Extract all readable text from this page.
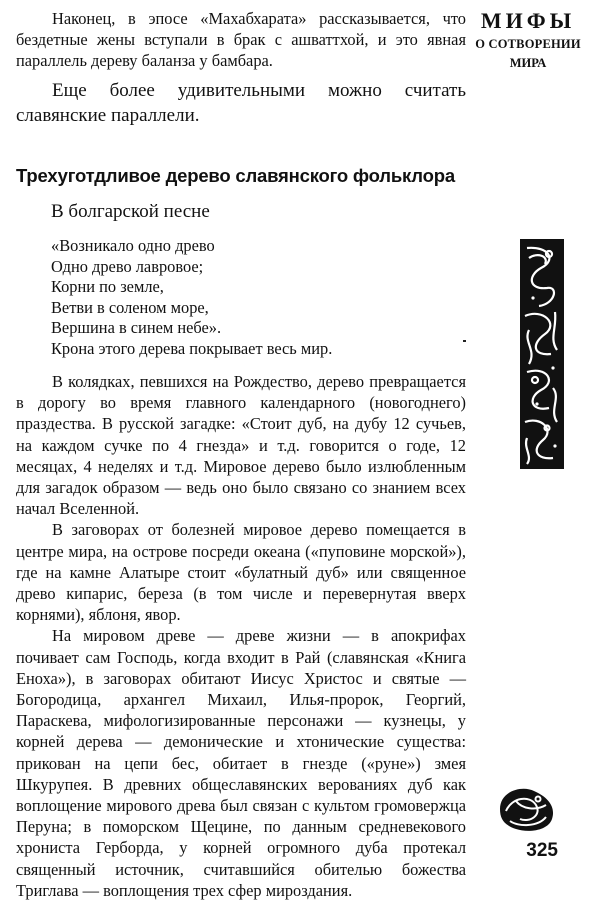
МИФЫ
О СОТВОРЕНИИ
МИРА

Наконец, в эпосе «Махабхарата» рассказывается, что бездетные жены вступали в брак с ашваттхой, и это явная параллель дереву баланза у бамбара.

Еще более удивительными можно считать славянские параллели.

Трехуготдливое дерево славянского фольклора
В болгарской песне

«Возникало одно древо

Одно древо лавровое;

Корни по земле,

Ветви в соленом море,

Вершина в синем небе».

Крона этого дерева покрывает весь мир.

В колядках, певшихся на Рождество, дерево превращается в дорогу во время главного календарного (новогоднего) праздества. В русской загадке: «Стоит дуб, на дубу 12 сучьев, на каждом сучке по 4 гнезда» и т.д. говорится о годе, 12 месяцах, 4 неделях и т.д. Мировое дерево было излюбленным для загадок образом — ведь оно было связано со знанием всех начал Вселенной.

В заговорах от болезней мировое дерево помещается в центре мира, на острове посреди океана («пуповине морской»), где на камне Алатыре стоит «булатный дуб» или священное древо кипарис, береза (в том числе и перевернутая вверх корнями), яблоня, явор.

На мировом древе — древе жизни — в апокрифах почивает сам Господь, когда входит в Рай (славянская «Книга Еноха»), в заговорах обитают Иисус Христос и святые — Богородица, архангел Михаил, Илья-пророк, Георгий, Параскева, мифологизированные персонажи — кузнецы, у корней дерева — демонические и хтонические существа: прикован на цепи бес, обитает в гнезде («руне») змея Шкурупея. В древних общеславянских верованиях дуб как воплощение мирового древа был связан с культом громовержца Перуна; в поморском Щецине, по данным средневекового хрониста Герборда, у корней огромного дуба протекал священный источник, считавшийся обителью божества Триглава — воплощения трех сфер мироздания.

325
